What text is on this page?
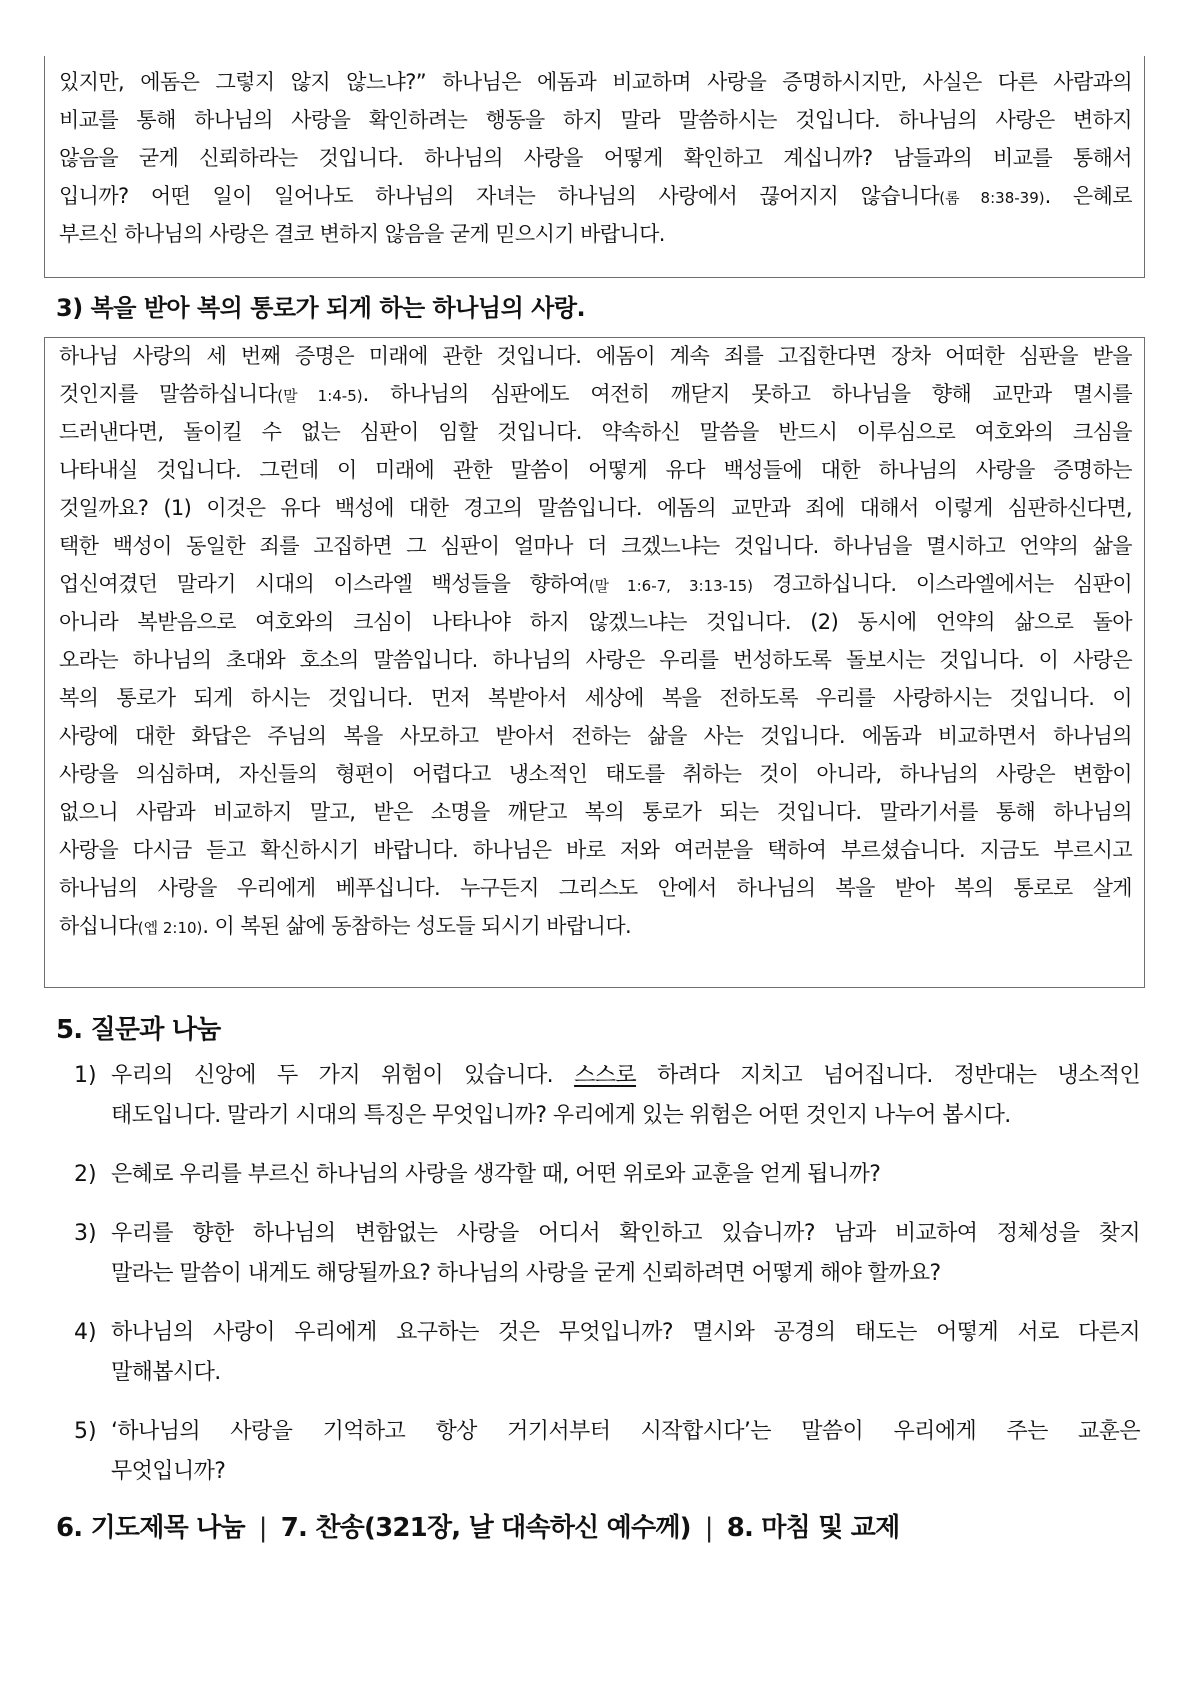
있지만, 에돔은 그렇지 않지 않느냐?” 하나님은 에돔과 비교하며 사랑을 증명하시지만, 사실은 다른 사람과의
비교를 통해 하나님의 사랑을 확인하려는 행동을 하지 말라 말씀하시는 것입니다. 하나님의 사랑은 변하지
않음을 굳게 신뢰하라는 것입니다. 하나님의 사랑을 어떻게 확인하고 계십니까? 남들과의 비교를 통해서
입니까? 어떤 일이 일어나도 하나님의 자녀는 하나님의 사랑에서 끊어지지 않습니다(롬 8:38-39). 은혜로
부르신 하나님의 사랑은 결코 변하지 않음을 굳게 믿으시기 바랍니다.
3) 복을 받아 복의 통로가 되게 하는 하나님의 사랑.
하나님 사랑의 세 번째 증명은 미래에 관한 것입니다. 에돔이 계속 죄를 고집한다면 장차 어떠한 심판을 받을
것인지를 말씀하십니다(말 1:4-5). 하나님의 심판에도 여전히 깨닫지 못하고 하나님을 향해 교만과 멸시를
드러낸다면, 돌이킬 수 없는 심판이 임할 것입니다. 약속하신 말씀을 반드시 이루심으로 여호와의 크심을
나타내실 것입니다. 그런데 이 미래에 관한 말씀이 어떻게 유다 백성들에 대한 하나님의 사랑을 증명하는
것일까요? (1) 이것은 유다 백성에 대한 경고의 말씀입니다. 에돔의 교만과 죄에 대해서 이렇게 심판하신다면,
택한 백성이 동일한 죄를 고집하면 그 심판이 얼마나 더 크겠느냐는 것입니다. 하나님을 멸시하고 언약의 삶을
업신여겼던 말라기 시대의 이스라엘 백성들을 향하여(말 1:6-7, 3:13-15) 경고하십니다. 이스라엘에서는 심판이
아니라 복받음으로 여호와의 크심이 나타나야 하지 않겠느냐는 것입니다. (2) 동시에 언약의 삶으로 돌아
오라는 하나님의 초대와 호소의 말씀입니다. 하나님의 사랑은 우리를 번성하도록 돌보시는 것입니다. 이 사랑은
복의 통로가 되게 하시는 것입니다. 먼저 복받아서 세상에 복을 전하도록 우리를 사랑하시는 것입니다. 이
사랑에 대한 화답은 주님의 복을 사모하고 받아서 전하는 삶을 사는 것입니다. 에돔과 비교하면서 하나님의
사랑을 의심하며, 자신들의 형편이 어렵다고 냉소적인 태도를 취하는 것이 아니라, 하나님의 사랑은 변함이
없으니 사람과 비교하지 말고, 받은 소명을 깨닫고 복의 통로가 되는 것입니다. 말라기서를 통해 하나님의
사랑을 다시금 듣고 확신하시기 바랍니다. 하나님은 바로 저와 여러분을 택하여 부르셨습니다. 지금도 부르시고
하나님의 사랑을 우리에게 베푸십니다. 누구든지 그리스도 안에서 하나님의 복을 받아 복의 통로로 살게
하십니다(엡 2:10). 이 복된 삶에 동참하는 성도들 되시기 바랍니다.
5. 질문과 나눔
1) 우리의 신앙에 두 가지 위험이 있습니다. 스스로 하려다 지치고 넘어집니다. 정반대는 냉소적인
태도입니다. 말라기 시대의 특징은 무엇입니까? 우리에게 있는 위험은 어떤 것인지 나누어 봅시다.
2) 은혜로 우리를 부르신 하나님의 사랑을 생각할 때, 어떤 위로와 교훈을 얻게 됩니까?
3) 우리를 향한 하나님의 변함없는 사랑을 어디서 확인하고 있습니까? 남과 비교하여 정체성을 찾지
말라는 말씀이 내게도 해당될까요? 하나님의 사랑을 굳게 신뢰하려면 어떻게 해야 할까요?
4) 하나님의 사랑이 우리에게 요구하는 것은 무엇입니까? 멸시와 공경의 태도는 어떻게 서로 다른지
말해봅시다.
5) ‘하나님의 사랑을 기억하고 항상 거기서부터 시작합시다’는 말씀이 우리에게 주는 교훈은
무엇입니까?
6. 기도제목 나눔 | 7. 찬송(321장, 날 대속하신 예수께) | 8. 마침 및 교제
